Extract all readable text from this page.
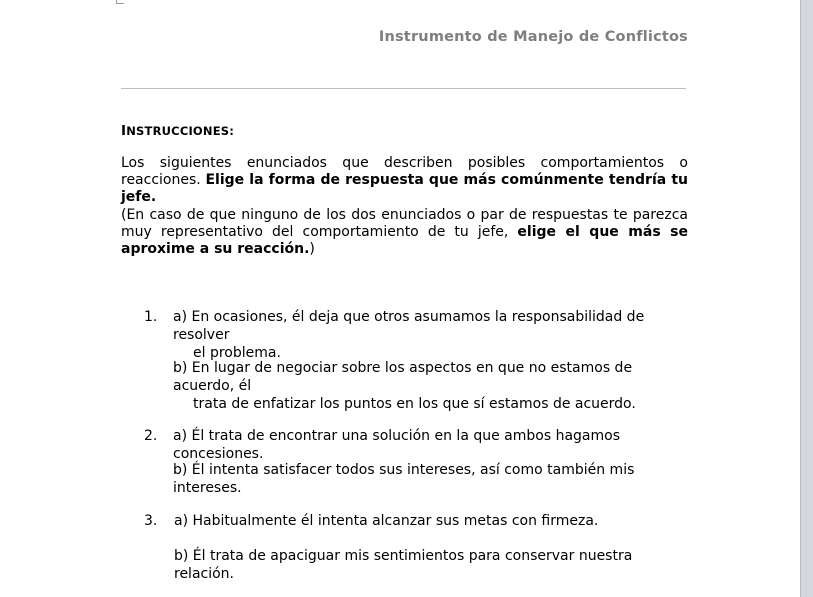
Instrumento de Manejo de Conflictos
INSTRUCCIONES:
Los siguientes enunciados que describen posibles comportamientos o reacciones. Elige la forma de respuesta que más comúnmente tendría tu jefe.
(En caso de que ninguno de los dos enunciados o par de respuestas te parezca muy representativo del comportamiento de tu jefe, elige el que más se aproxime a su reacción.)
1. a) En ocasiones, él deja que otros asumamos la responsabilidad de resolver
el problema.
b) En lugar de negociar sobre los aspectos en que no estamos de acuerdo, él
trata de enfatizar los puntos en los que sí estamos de acuerdo.
2. a) Él trata de encontrar una solución en la que ambos hagamos concesiones.
b) Él intenta satisfacer todos sus intereses, así como también mis intereses.
3. a) Habitualmente él intenta alcanzar sus metas con firmeza.
b) Él trata de apaciguar mis sentimientos para conservar nuestra relación.
